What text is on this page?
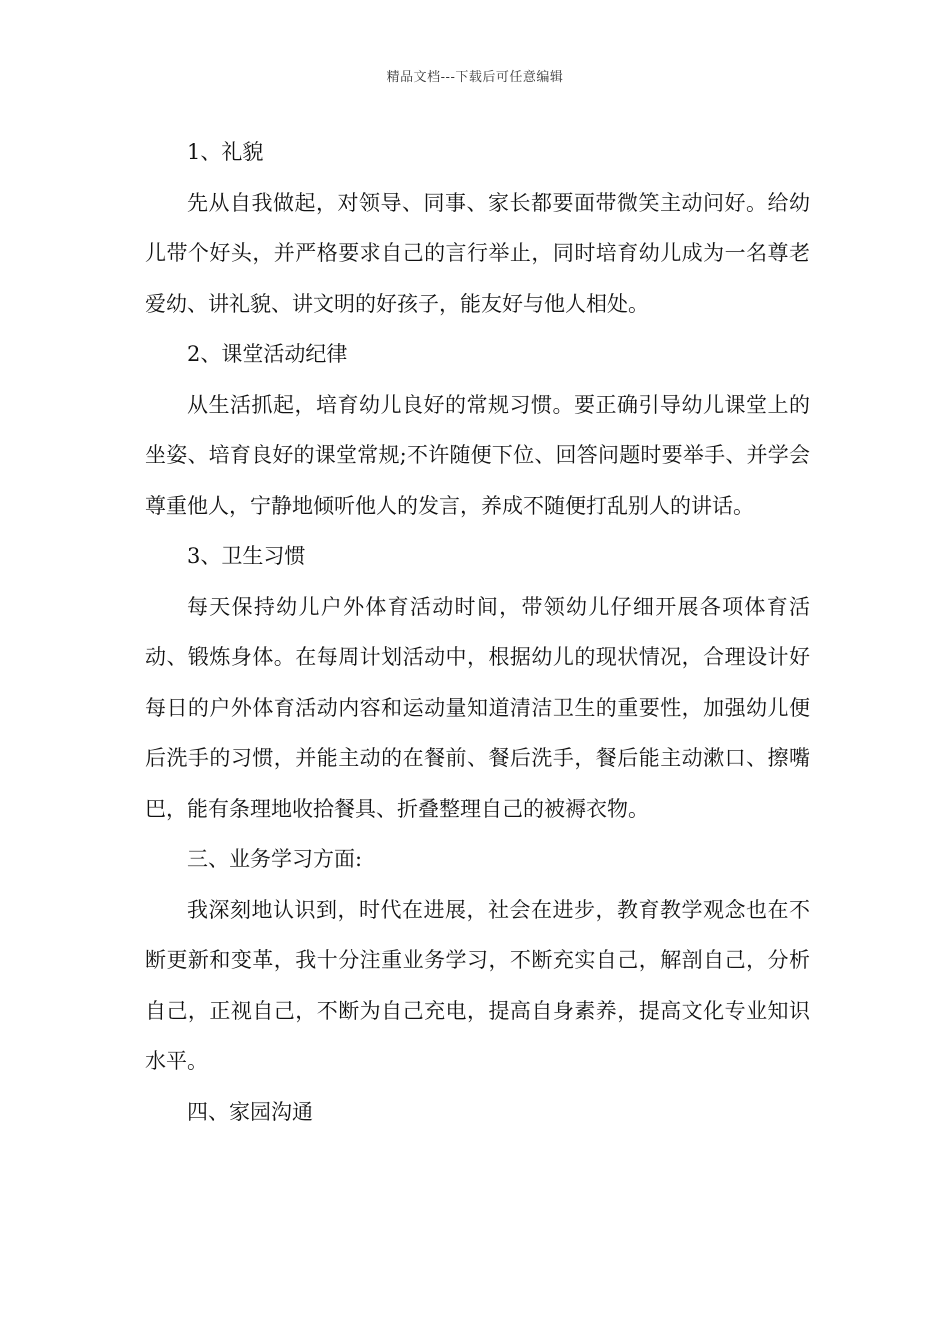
精品文档---下载后可任意编辑

1、礼貌

先从自我做起，对领导、同事、家长都要面带微笑主动问好。给幼儿带个好头，并严格要求自己的言行举止，同时培育幼儿成为一名尊老爱幼、讲礼貌、讲文明的好孩子，能友好与他人相处。

2、课堂活动纪律

从生活抓起，培育幼儿良好的常规习惯。要正确引导幼儿课堂上的坐姿、培育良好的课堂常规;不许随便下位、回答问题时要举手、并学会尊重他人，宁静地倾听他人的发言，养成不随便打乱别人的讲话。

3、卫生习惯

每天保持幼儿户外体育活动时间，带领幼儿仔细开展各项体育活动、锻炼身体。在每周计划活动中，根据幼儿的现状情况，合理设计好每日的户外体育活动内容和运动量知道清洁卫生的重要性，加强幼儿便后洗手的习惯，并能主动的在餐前、餐后洗手，餐后能主动漱口、擦嘴巴，能有条理地收拾餐具、折叠整理自己的被褥衣物。

三、业务学习方面:

我深刻地认识到，时代在进展，社会在进步，教育教学观念也在不断更新和变革，我十分注重业务学习，不断充实自己，解剖自己，分析自己，正视自己，不断为自己充电，提高自身素养，提高文化专业知识水平。

四、家园沟通
